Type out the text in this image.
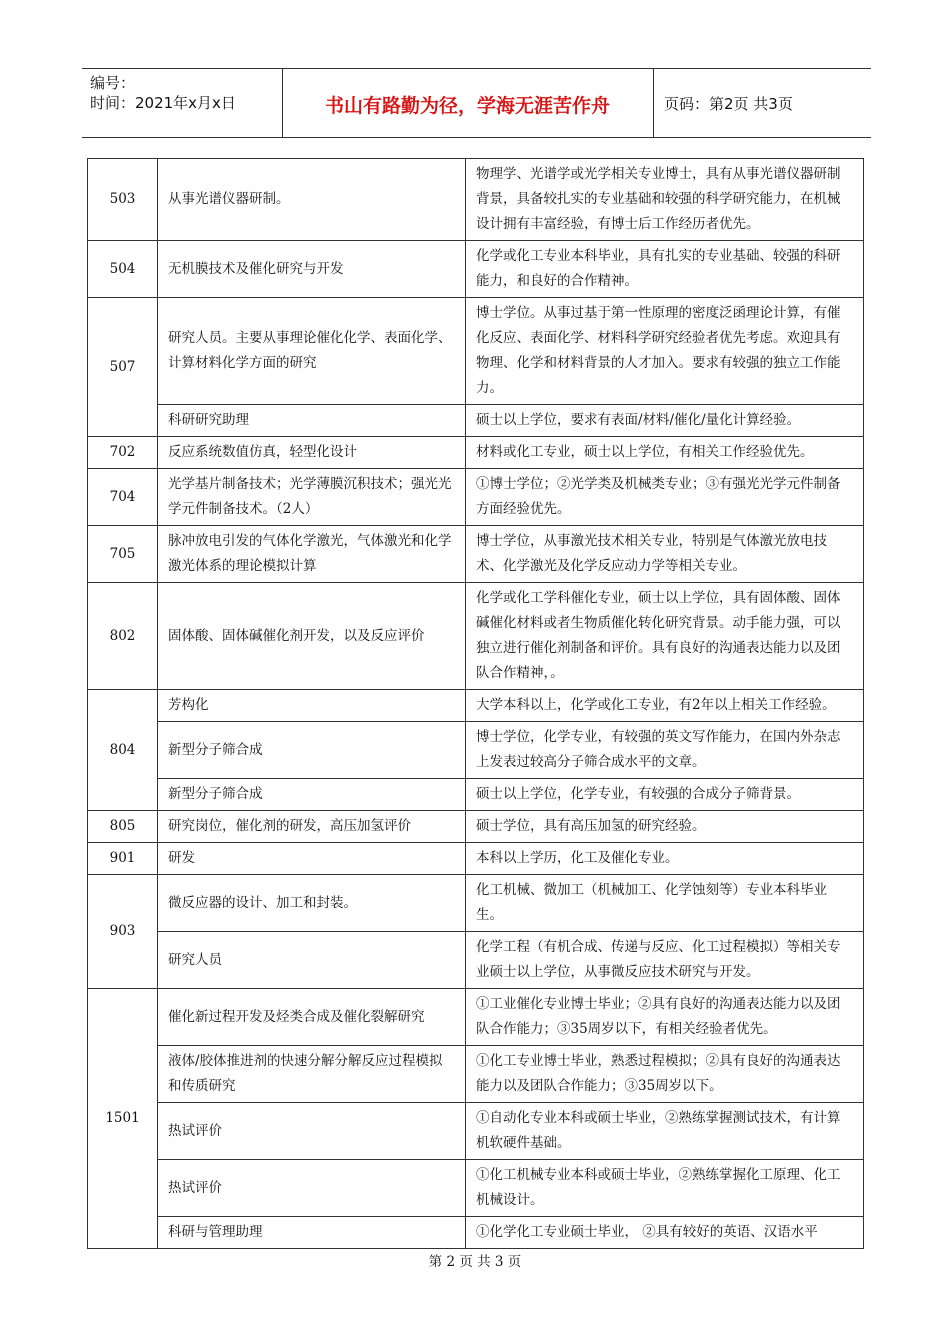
编号：
时间：2021年x月x日	书山有路勤为径，学海无涯苦作舟	页码：第2页 共3页
503	从事光谱仪器研制。	物理学、光谱学或光学相关专业博士，具有从事光谱仪器研制背景，具备较扎实的专业基础和较强的科学研究能力，在机械设计拥有丰富经验，有博士后工作经历者优先。
504	无机膜技术及催化研究与开发	化学或化工专业本科毕业，具有扎实的专业基础、较强的科研能力，和良好的合作精神。
507	研究人员。主要从事理论催化化学、表面化学、计算材料化学方面的研究	博士学位。从事过基于第一性原理的密度泛函理论计算，有催化反应、表面化学、材料科学研究经验者优先考虑。欢迎具有物理、化学和材料背景的人才加入。要求有较强的独立工作能力。
	科研研究助理	硕士以上学位，要求有表面/材料/催化/量化计算经验。
702	反应系统数值仿真，轻型化设计	材料或化工专业，硕士以上学位，有相关工作经验优先。
704	光学基片制备技术；光学薄膜沉积技术；强光光学元件制备技术。（2人）	①博士学位；②光学类及机械类专业；③有强光光学元件制备方面经验优先。
705	脉冲放电引发的气体化学激光，气体激光和化学激光体系的理论模拟计算	博士学位，从事激光技术相关专业，特别是气体激光放电技术、化学激光及化学反应动力学等相关专业。
802	固体酸、固体碱催化剂开发，以及反应评价	化学或化工学科催化专业，硕士以上学位，具有固体酸、固体碱催化材料或者生物质催化转化研究背景。动手能力强，可以独立进行催化剂制备和评价。具有良好的沟通表达能力以及团队合作精神，。
804	芳构化	大学本科以上，化学或化工专业，有2年以上相关工作经验。
	新型分子筛合成	博士学位，化学专业，有较强的英文写作能力，在国内外杂志上发表过较高分子筛合成水平的文章。
	新型分子筛合成	硕士以上学位，化学专业，有较强的合成分子筛背景。
805	研究岗位，催化剂的研发，高压加氢评价	硕士学位，具有高压加氢的研究经验。
901	研发	本科以上学历，化工及催化专业。
903	微反应器的设计、加工和封装。	化工机械、微加工（机械加工、化学蚀刻等）专业本科毕业生。
	研究人员	化学工程（有机合成、传递与反应、化工过程模拟）等相关专业硕士以上学位，从事微反应技术研究与开发。
1501	催化新过程开发及烃类合成及催化裂解研究	①工业催化专业博士毕业；②具有良好的沟通表达能力以及团队合作能力；③35周岁以下，有相关经验者优先。
	液体/胶体推进剂的快速分解分解反应过程模拟和传质研究	①化工专业博士毕业，熟悉过程模拟；②具有良好的沟通表达能力以及团队合作能力；③35周岁以下。
	热试评价	①自动化专业本科或硕士毕业，②熟练掌握测试技术，有计算机软硬件基础。
	热试评价	①化工机械专业本科或硕士毕业，②熟练掌握化工原理、化工机械设计。
	科研与管理助理	①化学化工专业硕士毕业， ②具有较好的英语、汉语水平
第 2 页 共 3 页
